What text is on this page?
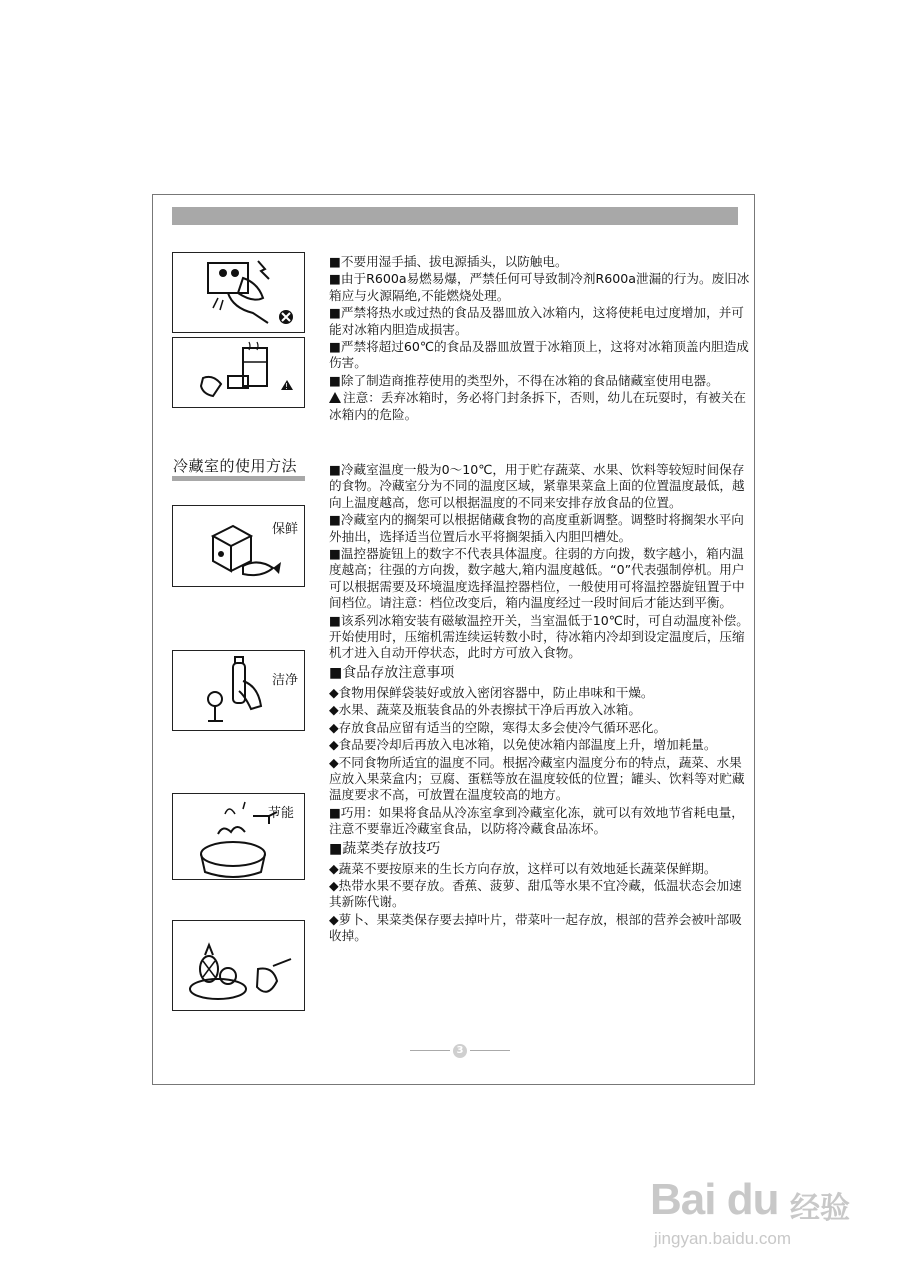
!

■不要用湿手插、拔电源插头，以防触电。

■由于R600a易燃易爆，严禁任何可导致制冷剂R600a泄漏的行为。废旧冰箱应与火源隔绝,不能燃烧处理。

■严禁将热水或过热的食品及器皿放入冰箱内，这将使耗电过度增加，并可能对冰箱内胆造成损害。

■严禁将超过60℃的食品及器皿放置于冰箱顶上，这将对冰箱顶盖内胆造成伤害。

■除了制造商推荐使用的类型外，不得在冰箱的食品储藏室使用电器。

注意：丢弃冰箱时，务必将门封条拆下，否则，幼儿在玩耍时，有被关在冰箱内的危险。

冷藏室的使用方法
保鲜
洁净
节能

■冷藏室温度一般为0～10℃，用于贮存蔬菜、水果、饮料等较短时间保存的食物。冷藏室分为不同的温度区域，紧靠果菜盒上面的位置温度最低，越向上温度越高，您可以根据温度的不同来安排存放食品的位置。

■冷藏室内的搁架可以根据储藏食物的高度重新调整。调整时将搁架水平向外抽出，选择适当位置后水平将搁架插入内胆凹槽处。

■温控器旋钮上的数字不代表具体温度。往弱的方向拨，数字越小，箱内温度越高；往强的方向拨，数字越大,箱内温度越低。“0”代表强制停机。用户可以根据需要及环境温度选择温控器档位，一般使用可将温控器旋钮置于中间档位。请注意：档位改变后，箱内温度经过一段时间后才能达到平衡。

■该系列冰箱安装有磁敏温控开关，当室温低于10℃时，可自动温度补偿。开始使用时，压缩机需连续运转数小时，待冰箱内冷却到设定温度后，压缩机才进入自动开停状态，此时方可放入食物。

■食品存放注意事项

◆食物用保鲜袋装好或放入密闭容器中，防止串味和干燥。

◆水果、蔬菜及瓶装食品的外表擦拭干净后再放入冰箱。

◆存放食品应留有适当的空隙，寒得太多会使冷气循环恶化。

◆食品要冷却后再放入电冰箱，以免使冰箱内部温度上升，增加耗量。

◆不同食物所适宜的温度不同。根据冷藏室内温度分布的特点，蔬菜、水果应放入果菜盒内；豆腐、蛋糕等放在温度较低的位置；罐头、饮料等对贮藏温度要求不高，可放置在温度较高的地方。

■巧用：如果将食品从冷冻室拿到冷藏室化冻，就可以有效地节省耗电量，注意不要靠近冷藏室食品，以防将冷藏食品冻坏。

■蔬菜类存放技巧

◆蔬菜不要按原来的生长方向存放，这样可以有效地延长蔬菜保鲜期。

◆热带水果不要存放。香蕉、菠萝、甜瓜等水果不宜冷藏，低温状态会加速其新陈代谢。

◆萝卜、果菜类保存要去掉叶片，带菜叶一起存放，根部的营养会被叶部吸收掉。

3
Bai du 经验
jingyan.baidu.com
